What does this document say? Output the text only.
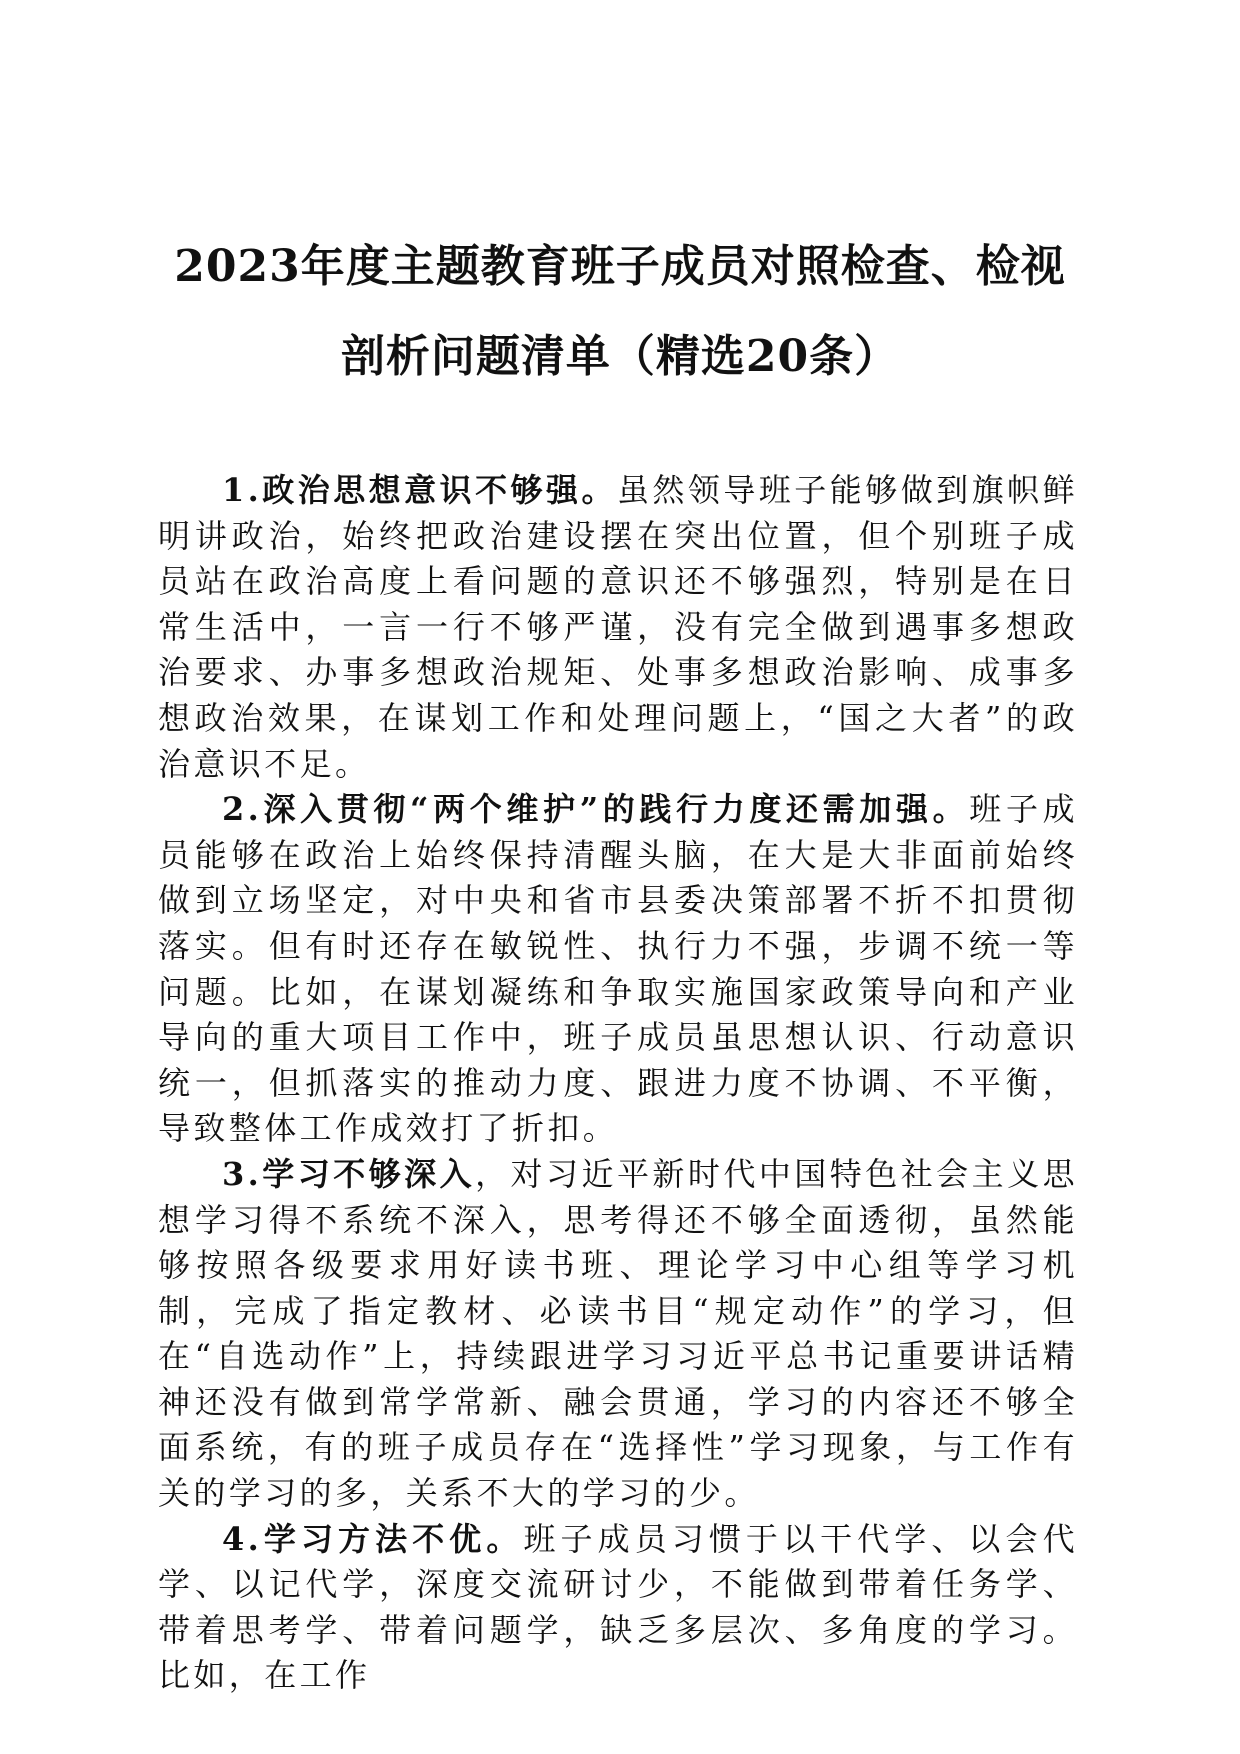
2023年度主题教育班子成员对照检查、检视
剖析问题清单（精选20条）

1.政治思想意识不够强。虽然领导班子能够做到旗帜鲜明讲政治，始终把政治建设摆在突出位置，但个别班子成员站在政治高度上看问题的意识还不够强烈，特别是在日常生活中，一言一行不够严谨，没有完全做到遇事多想政治要求、办事多想政治规矩、处事多想政治影响、成事多想政治效果，在谋划工作和处理问题上，“国之大者”的政治意识不足。

2.深入贯彻“两个维护”的践行力度还需加强。班子成员能够在政治上始终保持清醒头脑，在大是大非面前始终做到立场坚定，对中央和省市县委决策部署不折不扣贯彻落实。但有时还存在敏锐性、执行力不强，步调不统一等问题。比如，在谋划凝练和争取实施国家政策导向和产业导向的重大项目工作中，班子成员虽思想认识、行动意识统一，但抓落实的推动力度、跟进力度不协调、不平衡，导致整体工作成效打了折扣。

3.学习不够深入，对习近平新时代中国特色社会主义思想学习得不系统不深入，思考得还不够全面透彻，虽然能够按照各级要求用好读书班、理论学习中心组等学习机制，完成了指定教材、必读书目“规定动作”的学习，但在“自选动作”上，持续跟进学习习近平总书记重要讲话精神还没有做到常学常新、融会贯通，学习的内容还不够全面系统，有的班子成员存在“选择性”学习现象，与工作有关的学习的多，关系不大的学习的少。

4.学习方法不优。班子成员习惯于以干代学、以会代学、以记代学，深度交流研讨少，不能做到带着任务学、带着思考学、带着问题学，缺乏多层次、多角度的学习。比如，在工作
